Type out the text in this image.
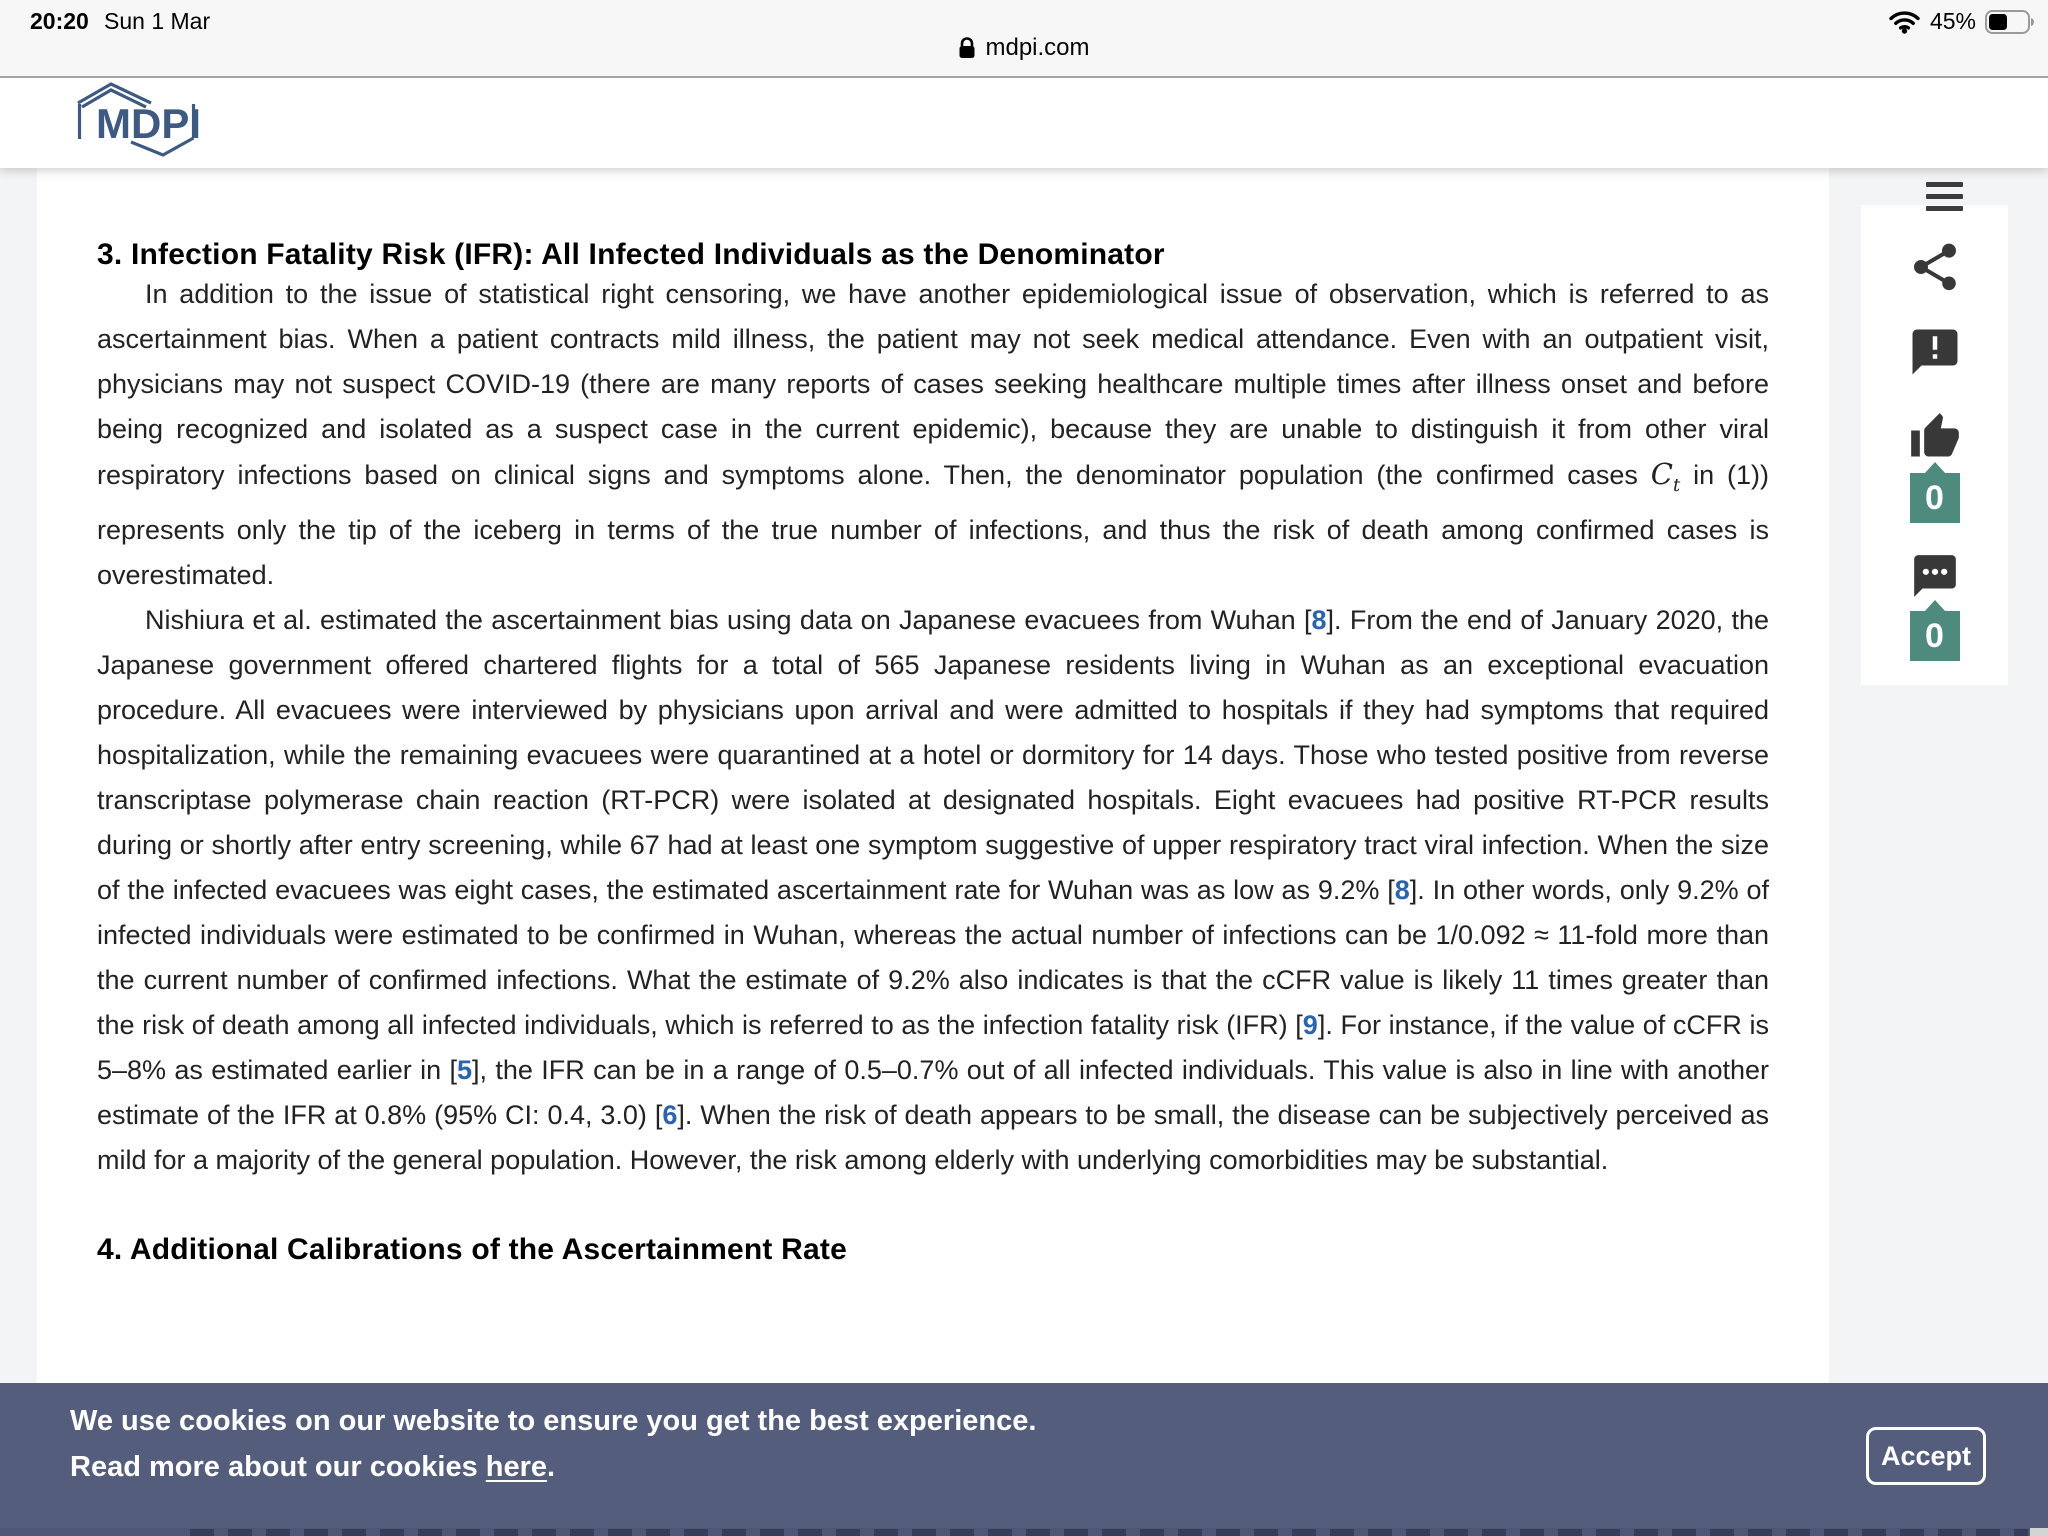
20:20 Sun 1 Mar
mdpi.com
45%
MDPI
3. Infection Fatality Risk (IFR): All Infected Individuals as the Denominator

In addition to the issue of statistical right censoring, we have another epidemiological issue of observation, which is referred to as ascertainment bias. When a patient contracts mild illness, the patient may not seek medical attendance. Even with an outpatient visit, physicians may not suspect COVID-19 (there are many reports of cases seeking healthcare multiple times after illness onset and before being recognized and isolated as a suspect case in the current epidemic), because they are unable to distinguish it from other viral respiratory infections based on clinical signs and symptoms alone. Then, the denominator population (the confirmed cases $C_t$ in (1)) represents only the tip of the iceberg in terms of the true number of infections, and thus the risk of death among confirmed cases is overestimated.

Nishiura et al. estimated the ascertainment bias using data on Japanese evacuees from Wuhan [8]. From the end of January 2020, the Japanese government offered chartered flights for a total of 565 Japanese residents living in Wuhan as an exceptional evacuation procedure. All evacuees were interviewed by physicians upon arrival and were admitted to hospitals if they had symptoms that required hospitalization, while the remaining evacuees were quarantined at a hotel or dormitory for 14 days. Those who tested positive from reverse transcriptase polymerase chain reaction (RT-PCR) were isolated at designated hospitals. Eight evacuees had positive RT-PCR results during or shortly after entry screening, while 67 had at least one symptom suggestive of upper respiratory tract viral infection. When the size of the infected evacuees was eight cases, the estimated ascertainment rate for Wuhan was as low as 9.2% [8]. In other words, only 9.2% of infected individuals were estimated to be confirmed in Wuhan, whereas the actual number of infections can be 1/0.092 ≈ 11-fold more than the current number of confirmed infections. What the estimate of 9.2% also indicates is that the cCFR value is likely 11 times greater than the risk of death among all infected individuals, which is referred to as the infection fatality risk (IFR) [9]. For instance, if the value of cCFR is 5–8% as estimated earlier in [5], the IFR can be in a range of 0.5–0.7% out of all infected individuals. This value is also in line with another estimate of the IFR at 0.8% (95% CI: 0.4, 3.0) [6]. When the risk of death appears to be small, the disease can be subjectively perceived as mild for a majority of the general population. However, the risk among elderly with underlying comorbidities may be substantial.

4. Additional Calibrations of the Ascertainment Rate
0
0
We use cookies on our website to ensure you get the best experience.
Read more about our cookies here.	Accept
